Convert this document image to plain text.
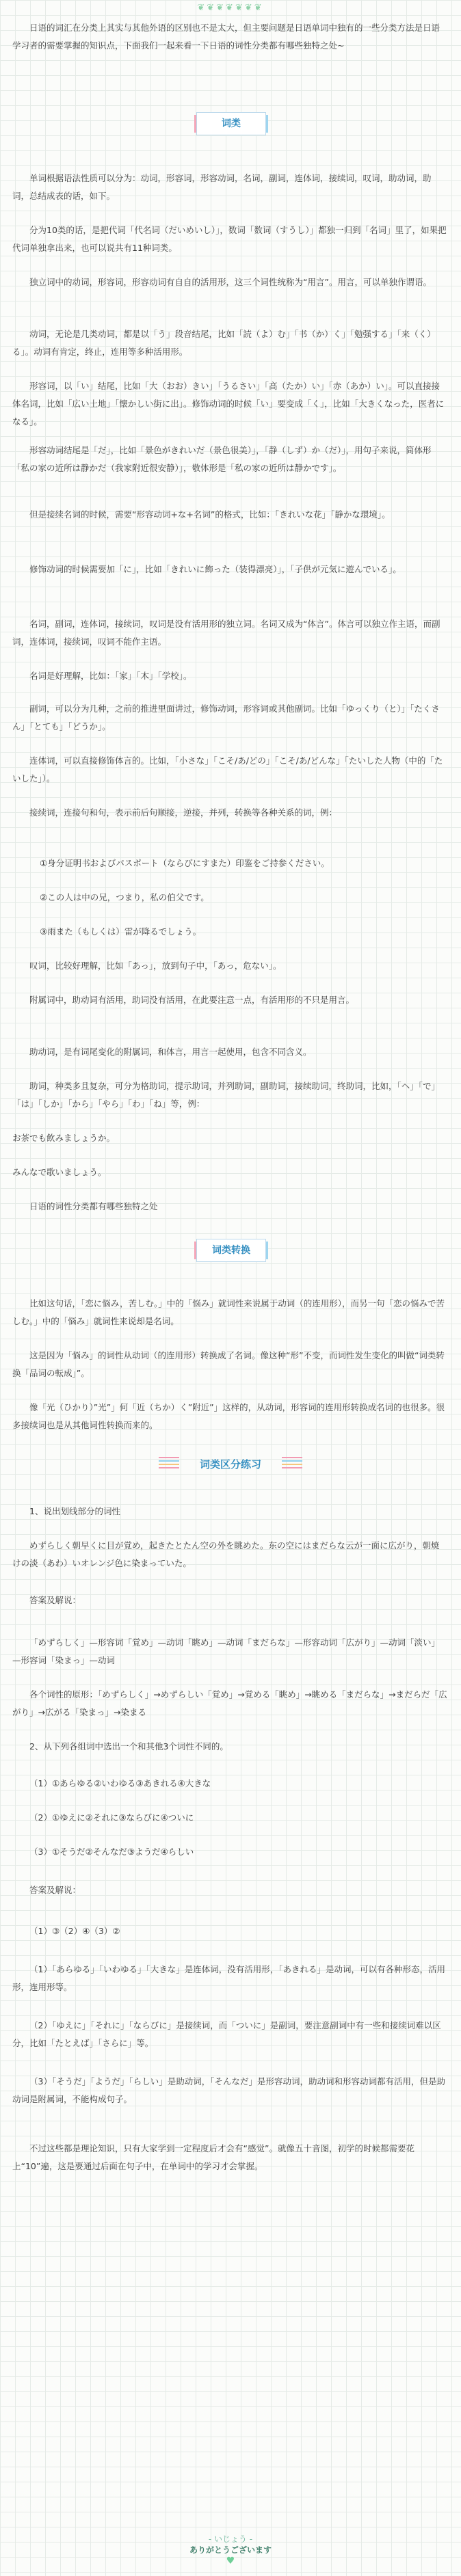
❦❦❦❦❦❦❦
日语的词汇在分类上其实与其他外语的区别也不是太大，但主要问题是日语单词中独有的一些分类方法是日语学习者的需要掌握的知识点，下面我们一起来看一下日语的词性分类都有哪些独特之处~
词类
单词根据语法性质可以分为：动词，形容词，形容动词，名词，副词，连体词，接续词，叹词，助动词，助词，总结成表的话，如下。
分为10类的话，是把代词「代名词（だいめいし）」，数词「数词（すうし）」都独一归到「名词」里了，如果把代词单独拿出来，也可以说共有11种词类。
独立词中的动词，形容词，形容动词有自自的活用形，这三个词性统称为“用言”。用言，可以单独作谓语。
动词，无论是几类动词，都是以「う」段音结尾，比如「読（よ）む」「书（か）く」「勉强する」「来（く）る」。动词有肯定，终止，连用等多种活用形。
形容词，以「い」结尾，比如「大（おお）きい」「うるさい」「高（たか）い」「赤（あか）い」。可以直接接体名词，比如「広い土地」「懐かしい街に出」。修饰动词的时候「い」要变成「く」，比如「大きくなった，医者になる」。
形容动词结尾是「だ」，比如「景色がきれいだ（景色很美）」，「静（しず）か（だ）」，用句子来说，简体形「私の家の近所は静かだ（我家附近很安静）」，敬体形是「私の家の近所は静かです」。
但是接续名词的时候，需要“形容动词+な+名词”的格式，比如：「きれいな花」「静かな環境」。
修饰动词的时候需要加「に」，比如「きれいに飾った（装得漂亮）」，「子供が元気に遊んでいる」。
名词，副词，连体词，接续词，叹词是没有活用形的独立词。名词又成为“体言”。体言可以独立作主语，而副词，连体词，接续词，叹词不能作主语。
名词是好理解，比如：「家」「木」「学校」。
副词，可以分为几种，之前的推进里面讲过，修饰动词，形容词或其他副词。比如「ゆっくり（と）」「たくさん」「とても」「どうか」。
连体词，可以直接修饰体言的。比如，「小さな」「こそ/あ/どの」「こそ/あ/どんな」「たいした人物（中的「たいした」）。
接续词，连接句和句，表示前后句顺接，逆接，并列，转换等各种关系的词，例：
①身分证明书およびパスポート（ならびにすまた）印鉴をご持参ください。
②この人は中の兄，つまり，私の伯父です。
③雨また（もしくは）雷が降るでしょう。
叹词，比较好理解，比如「あっ」，放到句子中，「あっ，危ない」。
附属词中，助动词有活用，助词没有活用，在此要注意一点，有活用形的不只是用言。
助动词，是有词尾变化的附属词，和体言，用言一起使用，包含不同含义。
助词，种类多且复杂，可分为格助词，提示助词，并列助词，副助词，接续助词，终助词，比如，「ヘ」「で」「は」「しか」「から」「やら」「わ」「ね」等，例：
お茶でも飲みましょうか。
みんなで歌いましょう。
日语的词性分类都有哪些独特之处
词类转换
比如这句话，「恋に悩み，苦しむ。」中的「悩み」就词性来说属于动词（的连用形），而另一句「恋の悩みで苦しむ。」中的「悩み」就词性来说却是名词。
这是因为「悩み」的词性从动词（的连用形）转换成了名词。像这种“形”不变，而词性发生变化的叫做“词类转换「品词の転成」”。
像「光（ひかり）”光”」何「近（ちか）く”附近”」这样的，从动词，形容词的连用形转换成名词的也很多。很多接续词也是从其他词性转换而来的。
词类区分练习
1、说出划线部分的词性
めずらしく朝早くに目が覚め，起きたとたん空の外を眺めた。东の空にはまだらな云が一面に広がり，朝焼けの淡（あわ）いオレンジ色に染まっていた。
答案及解说：
「めずらしく」—形容词「覚め」—动词「眺め」—动词「まだらな」—形容动词「広がり」—动词「淡い」—形容词「染まっ」—动词
各个词性的原形：「めずらしく」→めずらしい「覚め」→覚める「眺め」→眺める「まだらな」→まだらだ「広がり」→広がる「染まっ」→染まる
2、从下列各组词中选出一个和其他3个词性不同的。
（1）①あらゆる②いわゆる③あきれる④大きな
（2）①ゆえに②それに③ならびに④ついに
（3）①そうだ②そんなだ③ようだ④らしい
答案及解说：
（1）③（2）④（3）②
（1）「あらゆる」「いわゆる」「大きな」是连体词，没有活用形，「あきれる」是动词，可以有各种形态，活用形，连用形等。
（2）「ゆえに」「それに」「ならびに」是接续词，而「ついに」是副词，要注意副词中有一些和接续词难以区分，比如「たとえば」「さらに」等。
（3）「そうだ」「ようだ」「らしい」是助动词，「そんなだ」是形容动词，助动词和形容动词都有活用，但是助动词是附属词，不能构成句子。
不过这些都是理论知识，只有大家学到一定程度后才会有“感觉”。就像五十音图，初学的时候都需要花上“10”遍，这是要通过后面在句子中，在单词中的学习才会掌握。
- いじょう -
ありがとうございます
♥
